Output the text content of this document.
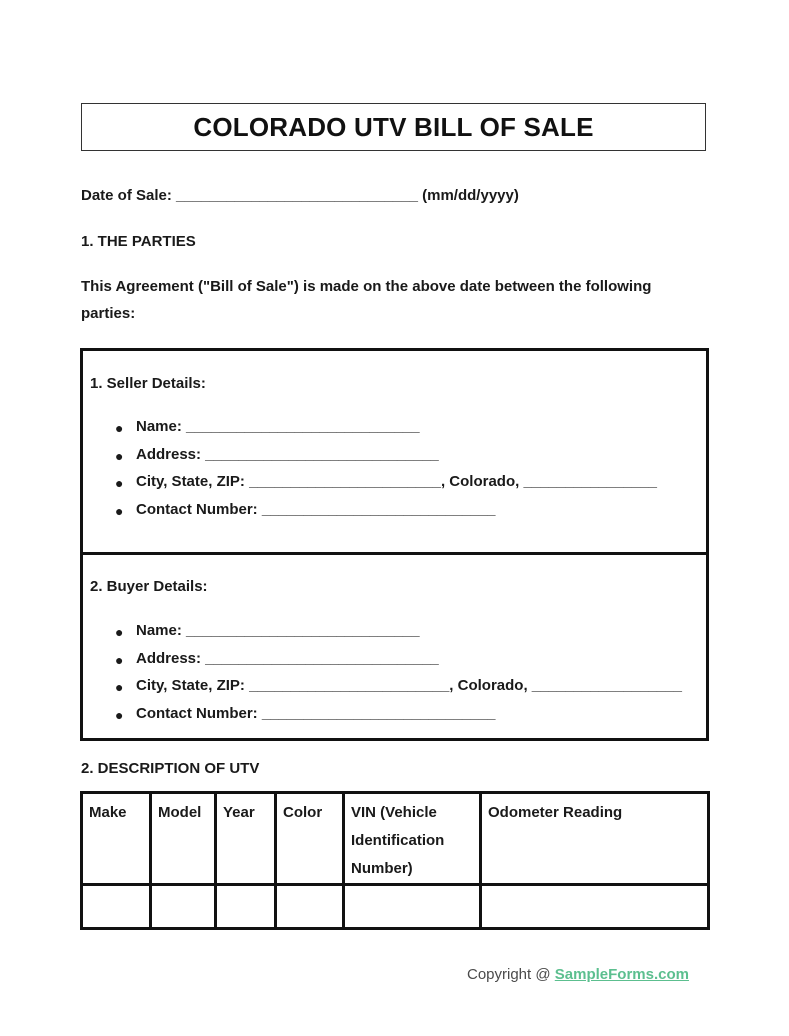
COLORADO UTV BILL OF SALE
Date of Sale: _____________________________ (mm/dd/yyyy)
1. THE PARTIES
This Agreement ("Bill of Sale") is made on the above date between the following parties:
1. Seller Details:
● Name: ____________________________
● Address: ____________________________
● City, State, ZIP: _______________________, Colorado, ________________
● Contact Number: ____________________________
2. Buyer Details:
● Name: ____________________________
● Address: ____________________________
● City, State, ZIP: ________________________, Colorado, __________________
● Contact Number: ____________________________
2. DESCRIPTION OF UTV
Make	Model	Year	Color	VIN (Vehicle Identification Number)	Odometer Reading

Copyright @ SampleForms.com
